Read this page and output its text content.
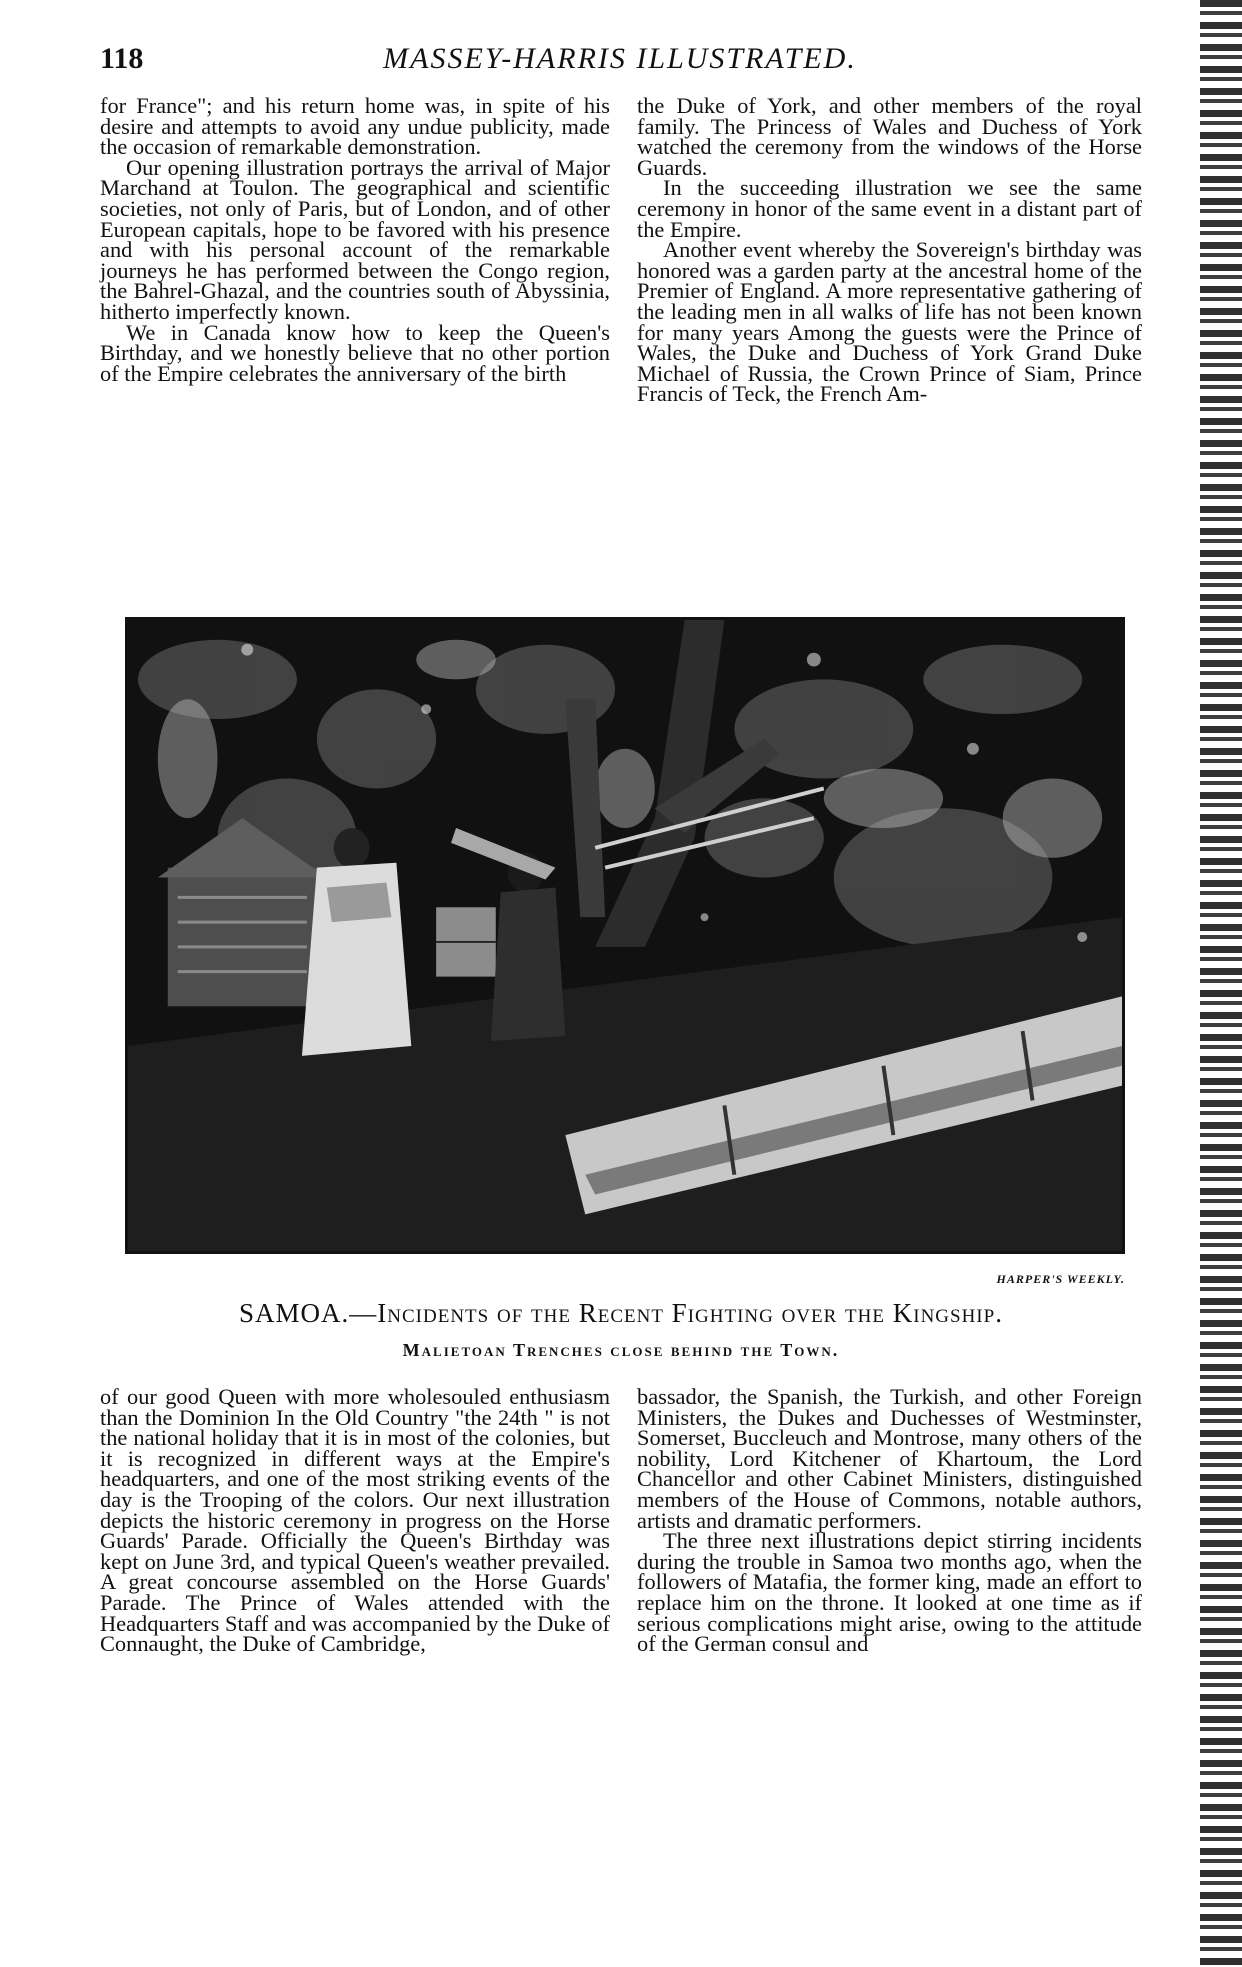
118	MASSEY-HARRIS ILLUSTRATED.

for France"; and his return home was, in spite of his desire and attempts to avoid any undue publicity, made the occasion of remarkable demonstration.

Our opening illustration portrays the arrival of Major Marchand at Toulon. The geographical and scientific societies, not only of Paris, but of London, and of other European capitals, hope to be favored with his presence and with his personal account of the remarkable journeys he has performed between the Congo region, the Bahrel-Ghazal, and the countries south of Abyssinia, hitherto imperfectly known.

We in Canada know how to keep the Queen's Birthday, and we honestly believe that no other portion of the Empire celebrates the anniversary of the birth

the Duke of York, and other members of the royal family. The Princess of Wales and Duchess of York watched the ceremony from the windows of the Horse Guards.

In the succeeding illustration we see the same ceremony in honor of the same event in a distant part of the Empire.

Another event whereby the Sovereign's birthday was honored was a garden party at the ancestral home of the Premier of England. A more representative gathering of the leading men in all walks of life has not been known for many years Among the guests were the Prince of Wales, the Duke and Duchess of York Grand Duke Michael of Russia, the Crown Prince of Siam, Prince Francis of Teck, the French Am-

HARPER'S WEEKLY.
SAMOA.—Incidents of the Recent Fighting over the Kingship.
Malietoan Trenches close behind the Town.

of our good Queen with more wholesouled enthusiasm than the Dominion In the Old Country "the 24th " is not the national holiday that it is in most of the colonies, but it is recognized in different ways at the Empire's headquarters, and one of the most striking events of the day is the Trooping of the colors. Our next illustration depicts the historic ceremony in progress on the Horse Guards' Parade. Officially the Queen's Birthday was kept on June 3rd, and typical Queen's weather prevailed. A great concourse assembled on the Horse Guards' Parade. The Prince of Wales attended with the Headquarters Staff and was accompanied by the Duke of Connaught, the Duke of Cambridge,

bassador, the Spanish, the Turkish, and other Foreign Ministers, the Dukes and Duchesses of Westminster, Somerset, Buccleuch and Montrose, many others of the nobility, Lord Kitchener of Khartoum, the Lord Chancellor and other Cabinet Ministers, distinguished members of the House of Commons, notable authors, artists and dramatic performers.

The three next illustrations depict stirring incidents during the trouble in Samoa two months ago, when the followers of Matafia, the former king, made an effort to replace him on the throne. It looked at one time as if serious complications might arise, owing to the attitude of the German consul and
